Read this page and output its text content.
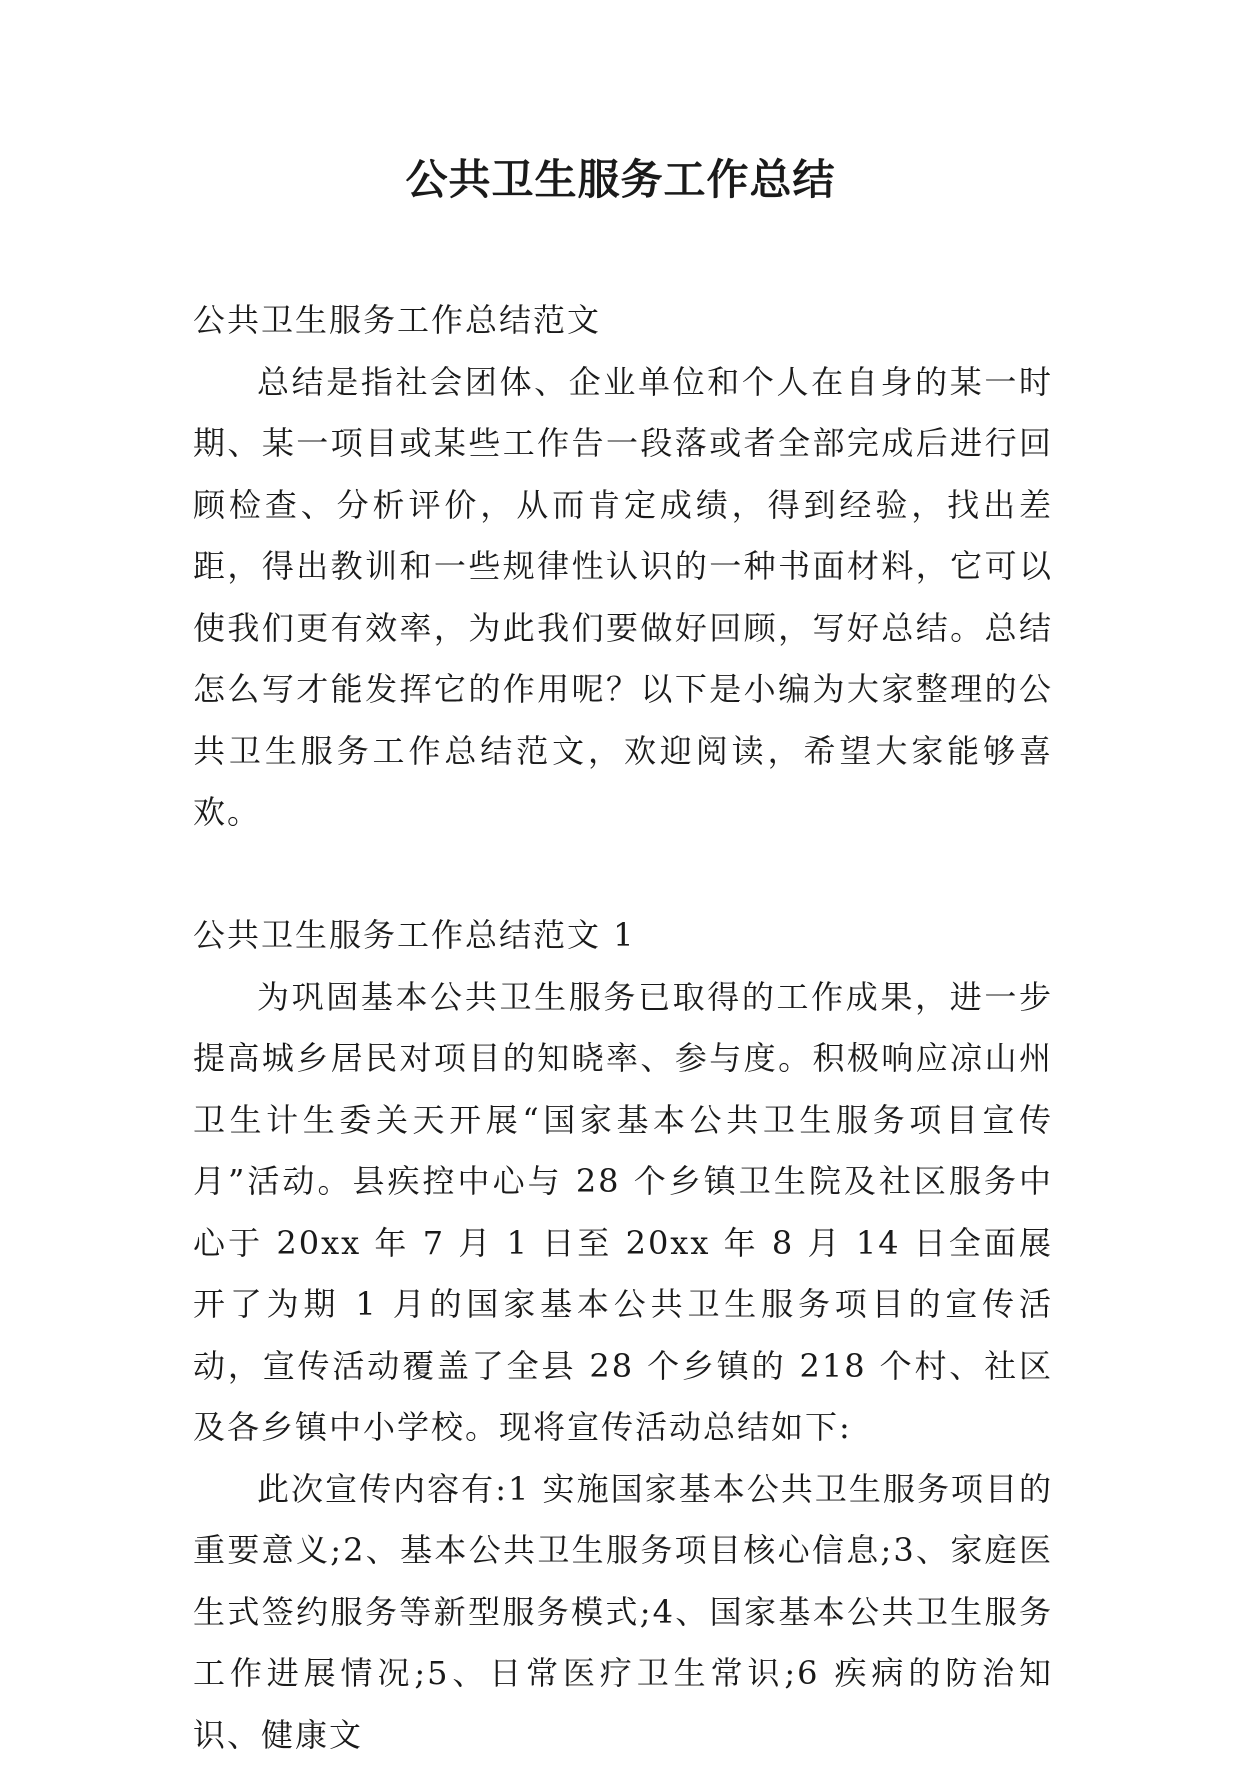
公共卫生服务工作总结

公共卫生服务工作总结范文

总结是指社会团体、企业单位和个人在自身的某一时期、某一项目或某些工作告一段落或者全部完成后进行回顾检查、分析评价，从而肯定成绩，得到经验，找出差距，得出教训和一些规律性认识的一种书面材料，它可以使我们更有效率，为此我们要做好回顾，写好总结。总结怎么写才能发挥它的作用呢？以下是小编为大家整理的公共卫生服务工作总结范文，欢迎阅读，希望大家能够喜欢。

公共卫生服务工作总结范文 1

为巩固基本公共卫生服务已取得的工作成果，进一步提高城乡居民对项目的知晓率、参与度。积极响应凉山州卫生计生委关天开展“国家基本公共卫生服务项目宣传月”活动。县疾控中心与 28 个乡镇卫生院及社区服务中心于 20xx 年 7 月 1 日至 20xx 年 8 月 14 日全面展开了为期 1 月的国家基本公共卫生服务项目的宣传活动，宣传活动覆盖了全县 28 个乡镇的 218 个村、社区及各乡镇中小学校。现将宣传活动总结如下:

此次宣传内容有:1 实施国家基本公共卫生服务项目的重要意义;2、基本公共卫生服务项目核心信息;3、家庭医生式签约服务等新型服务模式;4、国家基本公共卫生服务工作进展情况;5、日常医疗卫生常识;6 疾病的防治知识、健康文
